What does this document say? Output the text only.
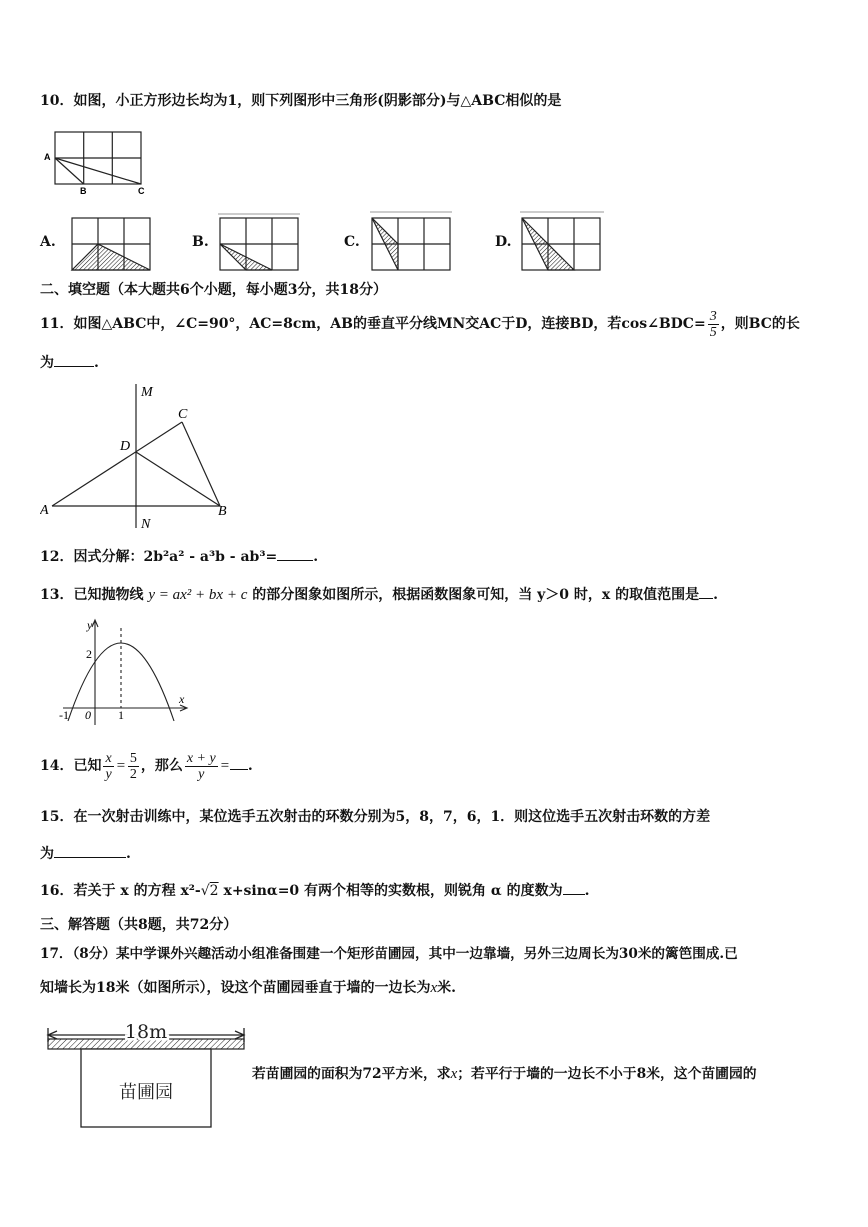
10．如图，小正方形边长均为1，则下列图形中三角形(阴影部分)与△ABC相似的是
A
B	C
A.	B.	C.	D.
二、填空题（本大题共6个小题，每小题3分，共18分）
11．如图△ABC中，∠C=90°，AC=8cm，AB的垂直平分线MN交AC于D，连接BD，若cos∠BDC= $\frac{3}{5}$ ，则BC的长
为	.
M
C
D
A
N
B
12．因式分解：2b²a² - a³b - ab³=	.
13．已知抛物线 y = ax² + bx + c 的部分图象如图所示，根据函数图象可知，当 y＞0 时，x 的取值范围是 .
y
2
-1 0 1
x
14．已知 $\frac{x}{y} = \frac{5}{2}$ ，那么 $\frac{x + y}{y}$ = .
15．在一次射击训练中，某位选手五次射击的环数分别为5，8，7，6，1．则这位选手五次射击环数的方差
为	.
16．若关于 x 的方程 x²-√2 x+sinα=0 有两个相等的实数根，则锐角 α 的度数为 .
三、解答题（共8题，共72分）
17．（8分）某中学课外兴趣活动小组准备围建一个矩形苗圃园，其中一边靠墙，另外三边周长为30米的篱笆围成.已
知墙长为18米（如图所示），设这个苗圃园垂直于墙的一边长为x米.
18m
苗圃园
若苗圃园的面积为72平方米，求x；若平行于墙的一边长不小于8米，这个苗圃园的
